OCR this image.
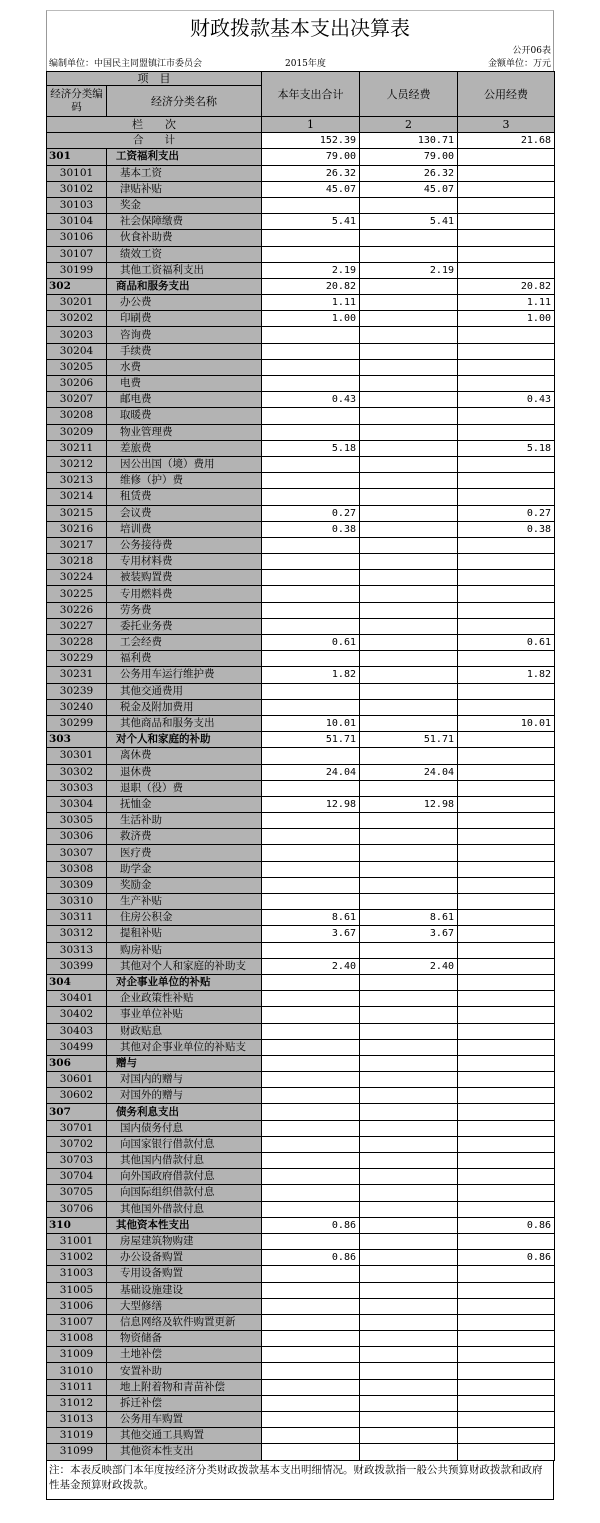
财政拨款基本支出决算表
公开06表
编制单位：中国民主同盟镇江市委员会	2015年度	金额单位：万元
项　目		本年支出合计	人员经费	公用经费
经济分类编码	经济分类名称			
栏　　次		1	2	3
合　　计		152.39	130.71	21.68
301	工资福利支出	79.00	79.00	
30101	基本工资	26.32	26.32	
30102	津贴补贴	45.07	45.07	
30103	奖金			
30104	社会保障缴费	5.41	5.41	
30106	伙食补助费			
30107	绩效工资			
30199	其他工资福利支出	2.19	2.19	
302	商品和服务支出	20.82		20.82
30201	办公费	1.11		1.11
30202	印刷费	1.00		1.00
30203	咨询费			
30204	手续费			
30205	水费			
30206	电费			
30207	邮电费	0.43		0.43
30208	取暖费			
30209	物业管理费			
30211	差旅费	5.18		5.18
30212	因公出国（境）费用			
30213	维修（护）费			
30214	租赁费			
30215	会议费	0.27		0.27
30216	培训费	0.38		0.38
30217	公务接待费			
30218	专用材料费			
30224	被装购置费			
30225	专用燃料费			
30226	劳务费			
30227	委托业务费			
30228	工会经费	0.61		0.61
30229	福利费			
30231	公务用车运行维护费	1.82		1.82
30239	其他交通费用			
30240	税金及附加费用			
30299	其他商品和服务支出	10.01		10.01
303	对个人和家庭的补助	51.71	51.71	
30301	离休费			
30302	退休费	24.04	24.04	
30303	退职（役）费			
30304	抚恤金	12.98	12.98	
30305	生活补助			
30306	救济费			
30307	医疗费			
30308	助学金			
30309	奖励金			
30310	生产补贴			
30311	住房公积金	8.61	8.61	
30312	提租补贴	3.67	3.67	
30313	购房补贴			
30399	其他对个人和家庭的补助支	2.40	2.40	
304	对企事业单位的补贴			
30401	企业政策性补贴			
30402	事业单位补贴			
30403	财政贴息			
30499	其他对企事业单位的补贴支			
306	赠与			
30601	对国内的赠与			
30602	对国外的赠与			
307	债务利息支出			
30701	国内债务付息			
30702	向国家银行借款付息			
30703	其他国内借款付息			
30704	向外国政府借款付息			
30705	向国际组织借款付息			
30706	其他国外借款付息			
310	其他资本性支出	0.86		0.86
31001	房屋建筑物购建			
31002	办公设备购置	0.86		0.86
31003	专用设备购置			
31005	基础设施建设			
31006	大型修缮			
31007	信息网络及软件购置更新			
31008	物资储备			
31009	土地补偿			
31010	安置补助			
31011	地上附着物和青苗补偿			
31012	拆迁补偿			
31013	公务用车购置			
31019	其他交通工具购置			
31099	其他资本性支出			
注：本表反映部门本年度按经济分类财政拨款基本支出明细情况。财政拨款指一般公共预算财政拨款和政府性基金预算财政拨款。
